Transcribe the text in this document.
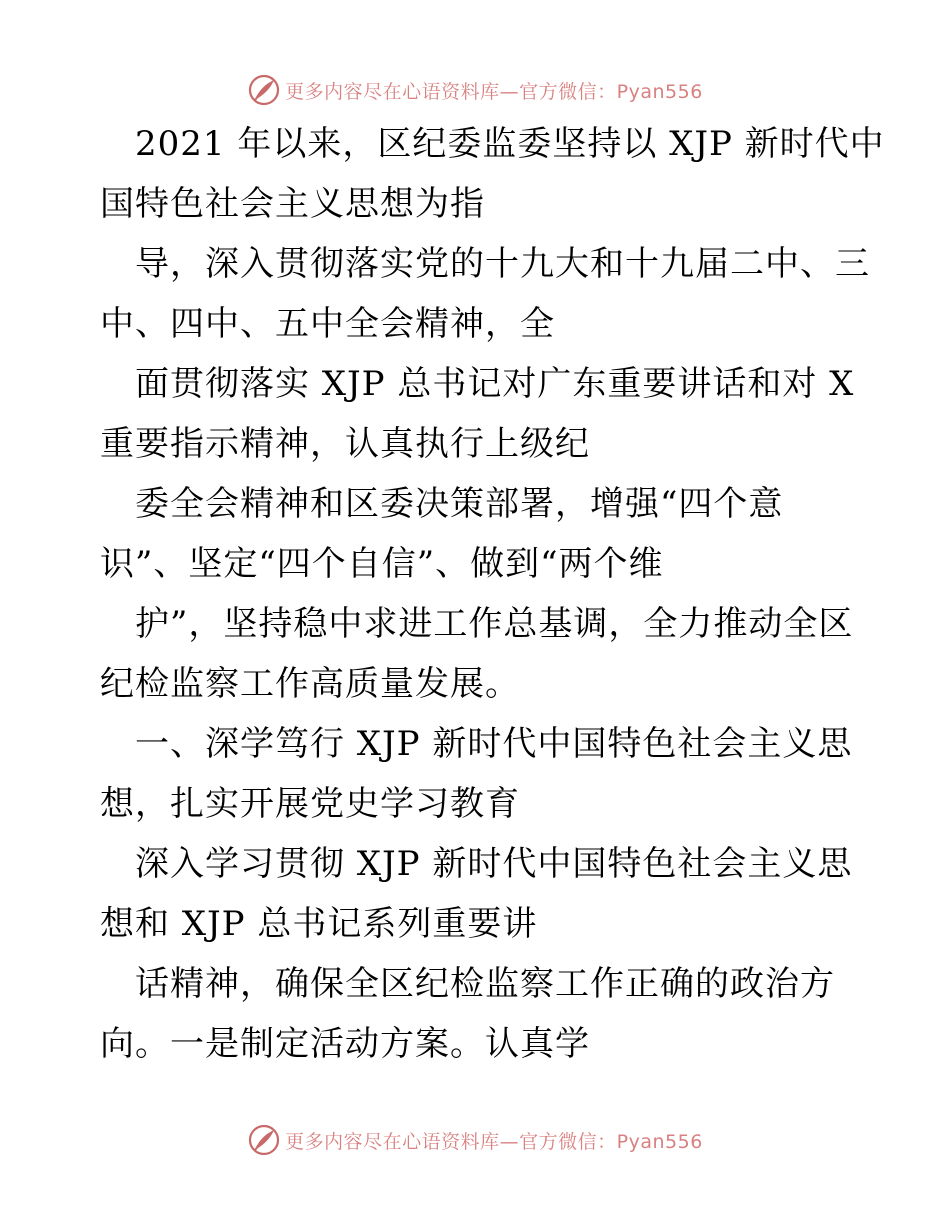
更多内容尽在心语资料库—官方微信：Pyan556
2021 年以来，区纪委监委坚持以 XJP 新时代中
国特色社会主义思想为指
导，深入贯彻落实党的十九大和十九届二中、三
中、四中、五中全会精神，全
面贯彻落实 XJP 总书记对广东重要讲话和对 X
重要指示精神，认真执行上级纪
委全会精神和区委决策部署，增强“四个意
识”、坚定“四个自信”、做到“两个维
护”，坚持稳中求进工作总基调，全力推动全区
纪检监察工作高质量发展。
一、深学笃行 XJP 新时代中国特色社会主义思
想，扎实开展党史学习教育
深入学习贯彻 XJP 新时代中国特色社会主义思
想和 XJP 总书记系列重要讲
话精神，确保全区纪检监察工作正确的政治方
向。一是制定活动方案。认真学
更多内容尽在心语资料库—官方微信：Pyan556
